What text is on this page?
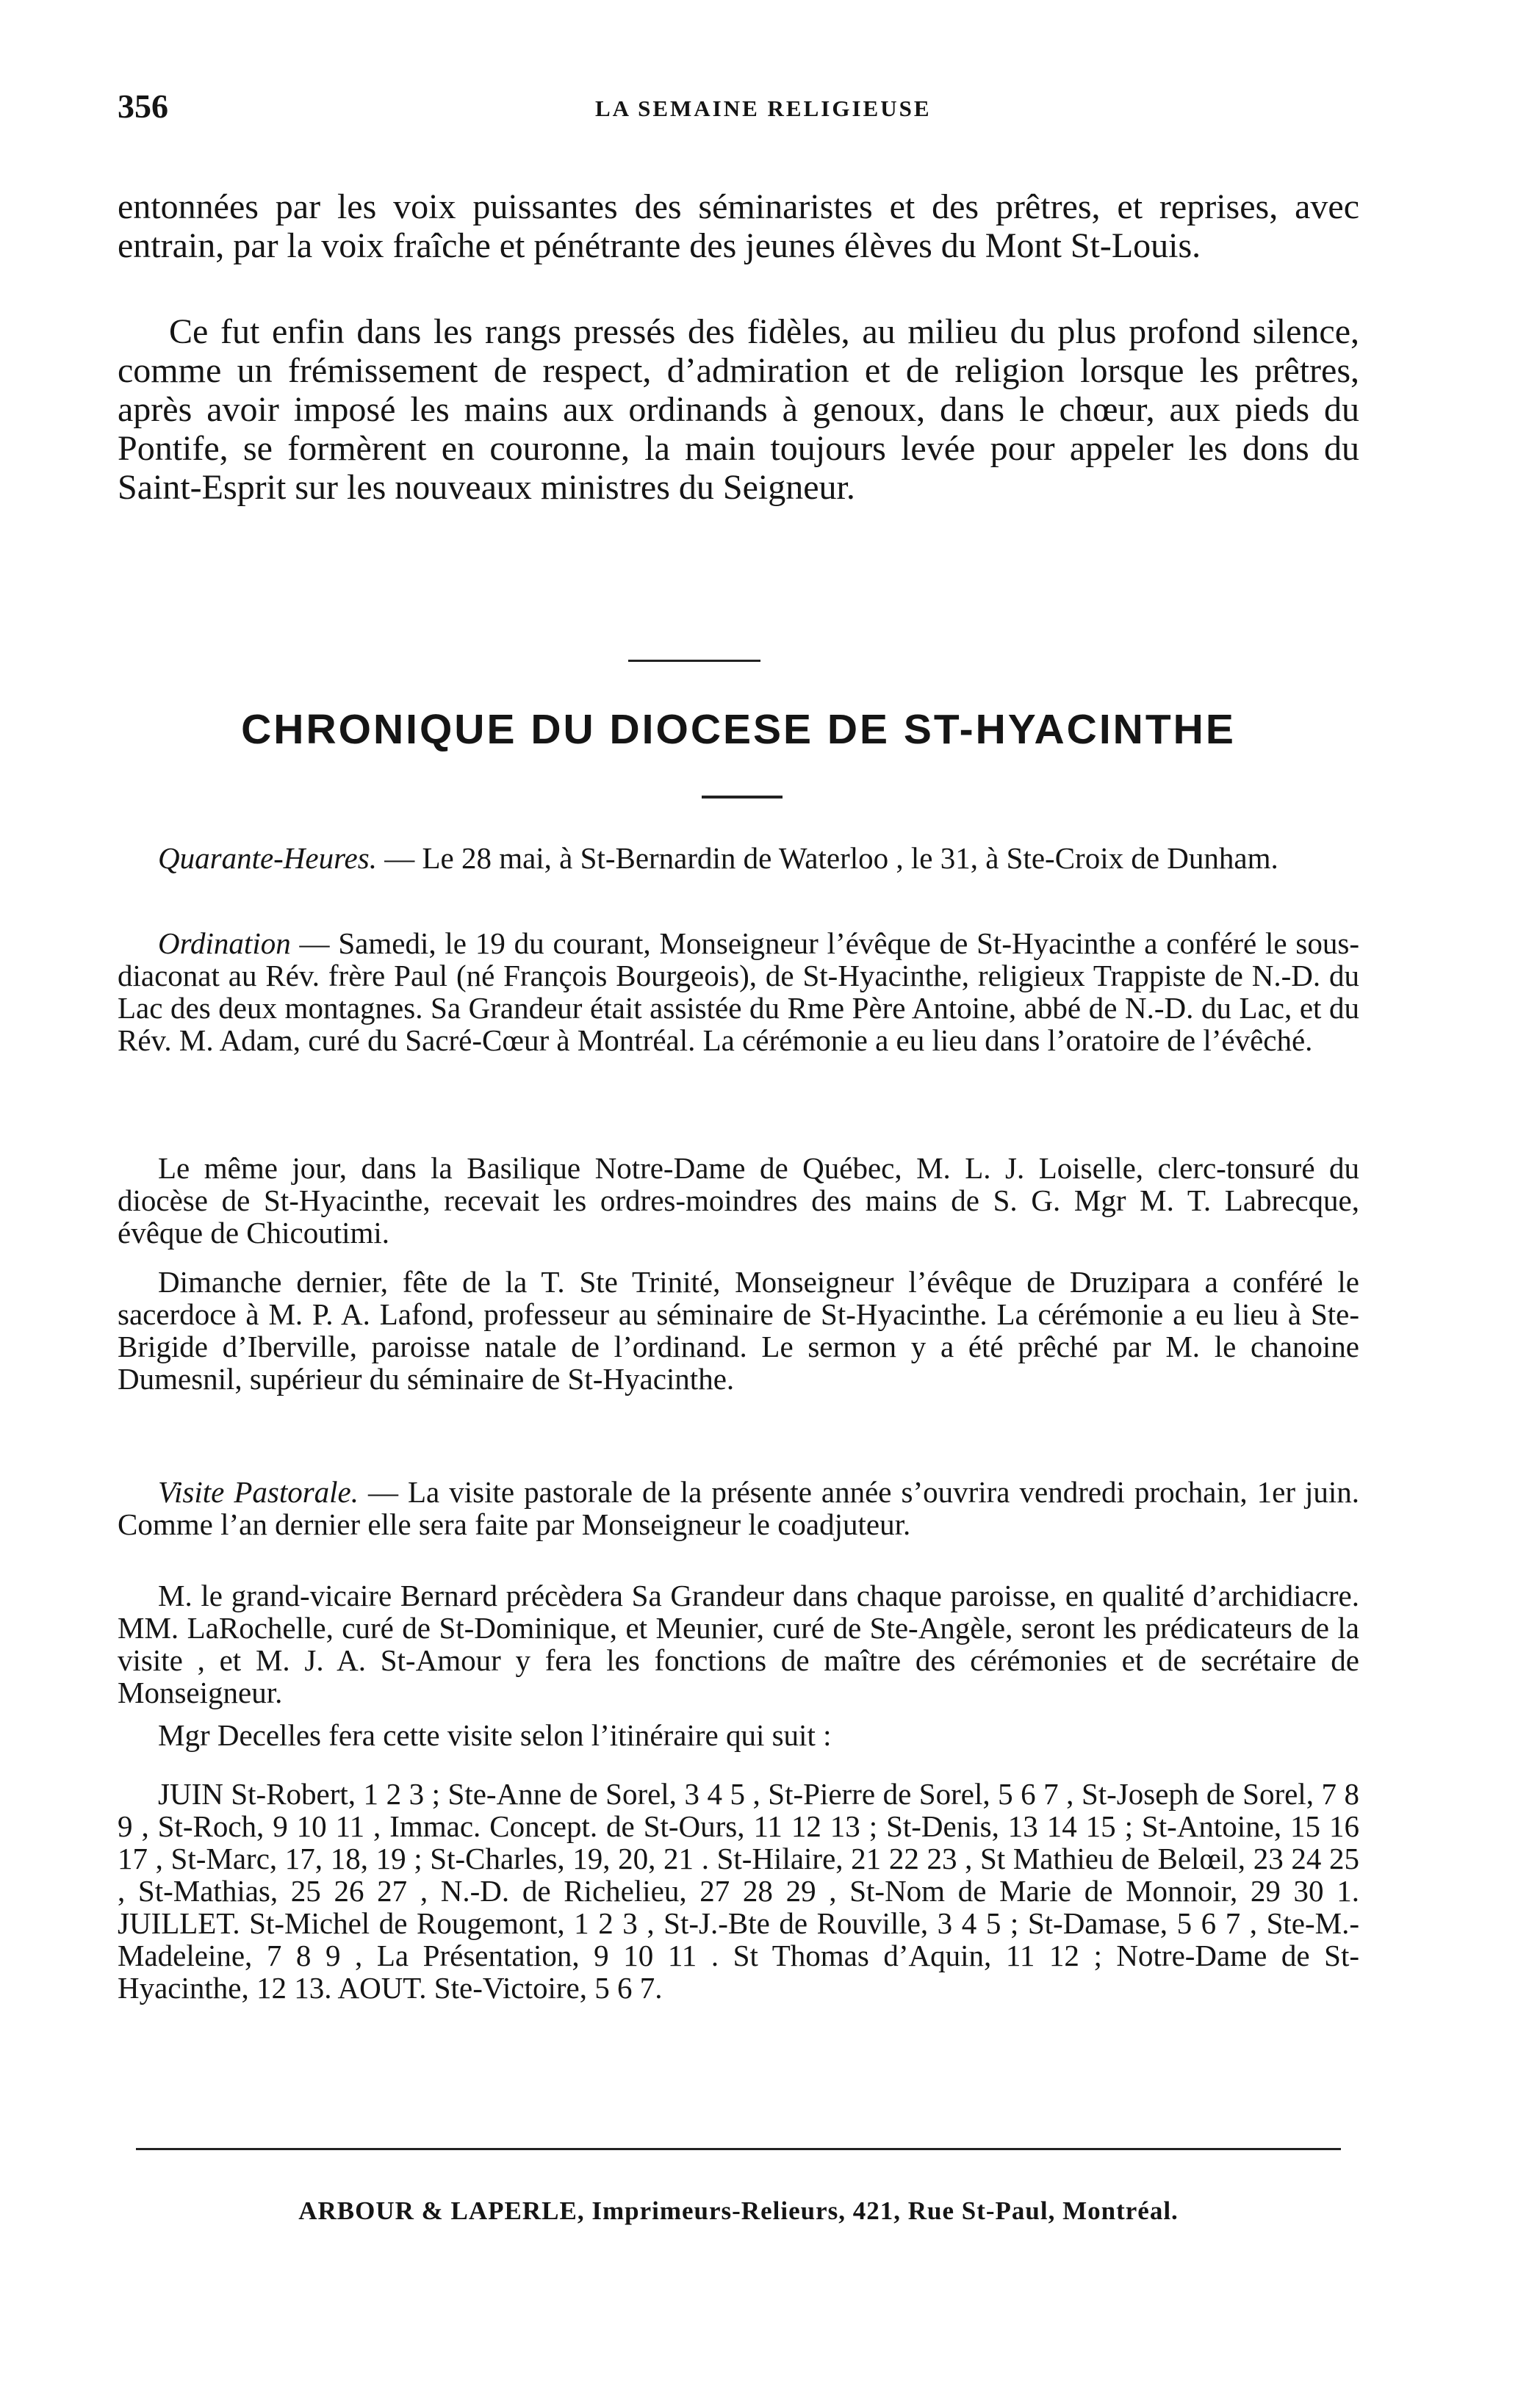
356	LA SEMAINE RELIGIEUSE
entonnées par les voix puissantes des séminaristes et des prêtres, et reprises, avec entrain, par la voix fraîche et pénétrante des jeunes élèves du Mont St-Louis.
Ce fut enfin dans les rangs pressés des fidèles, au milieu du plus profond silence, comme un frémissement de respect, d’admiration et de religion lorsque les prêtres, après avoir imposé les mains aux ordinands à genoux, dans le chœur, aux pieds du Pontife, se formèrent en couronne, la main toujours levée pour appeler les dons du Saint-Esprit sur les nouveaux ministres du Seigneur.
CHRONIQUE DU DIOCESE DE ST-HYACINTHE
Quarante-Heures. — Le 28 mai, à St-Bernardin de Waterloo , le 31, à Ste-Croix de Dunham.
Ordination — Samedi, le 19 du courant, Monseigneur l’évêque de St-Hyacinthe a conféré le sous-diaconat au Rév. frère Paul (né François Bourgeois), de St-Hyacinthe, religieux Trappiste de N.-D. du Lac des deux montagnes. Sa Grandeur était assistée du Rme Père Antoine, abbé de N.-D. du Lac, et du Rév. M. Adam, curé du Sacré-Cœur à Montréal. La cérémonie a eu lieu dans l’oratoire de l’évêché.
Le même jour, dans la Basilique Notre-Dame de Québec, M. L. J. Loiselle, clerc-tonsuré du diocèse de St-Hyacinthe, recevait les ordres-moindres des mains de S. G. Mgr M. T. Labrecque, évêque de Chicoutimi.
Dimanche dernier, fête de la T. Ste Trinité, Monseigneur l’évêque de Druzipara a conféré le sacerdoce à M. P. A. Lafond, professeur au séminaire de St-Hyacinthe. La cérémonie a eu lieu à Ste-Brigide d’Iberville, paroisse natale de l’ordinand. Le sermon y a été prêché par M. le chanoine Dumesnil, supérieur du séminaire de St-Hyacinthe.
Visite Pastorale. — La visite pastorale de la présente année s’ouvrira vendredi prochain, 1er juin. Comme l’an dernier elle sera faite par Monseigneur le coadjuteur.
M. le grand-vicaire Bernard précèdera Sa Grandeur dans chaque paroisse, en qualité d’archidiacre. MM. LaRochelle, curé de St-Dominique, et Meunier, curé de Ste-Angèle, seront les prédicateurs de la visite , et M. J. A. St-Amour y fera les fonctions de maître des cérémonies et de secrétaire de Monseigneur.
Mgr Decelles fera cette visite selon l’itinéraire qui suit :
JUIN St-Robert, 1 2 3 ; Ste-Anne de Sorel, 3 4 5 , St-Pierre de Sorel, 5 6 7 , St-Joseph de Sorel, 7 8 9 , St-Roch, 9 10 11 , Immac. Concept. de St-Ours, 11 12 13 ; St-Denis, 13 14 15 ; St-Antoine, 15 16 17 , St-Marc, 17, 18, 19 ; St-Charles, 19, 20, 21 . St-Hilaire, 21 22 23 , St Mathieu de Belœil, 23 24 25 , St-Mathias, 25 26 27 , N.-D. de Richelieu, 27 28 29 , St-Nom de Marie de Monnoir, 29 30 1. JUILLET. St-Michel de Rougemont, 1 2 3 , St-J.-Bte de Rouville, 3 4 5 ; St-Damase, 5 6 7 , Ste-M.-Madeleine, 7 8 9 , La Présentation, 9 10 11 . St Thomas d’Aquin, 11 12 ; Notre-Dame de St-Hyacinthe, 12 13. AOUT. Ste-Victoire, 5 6 7.
ARBOUR & LAPERLE, Imprimeurs-Relieurs, 421, Rue St-Paul, Montréal.
